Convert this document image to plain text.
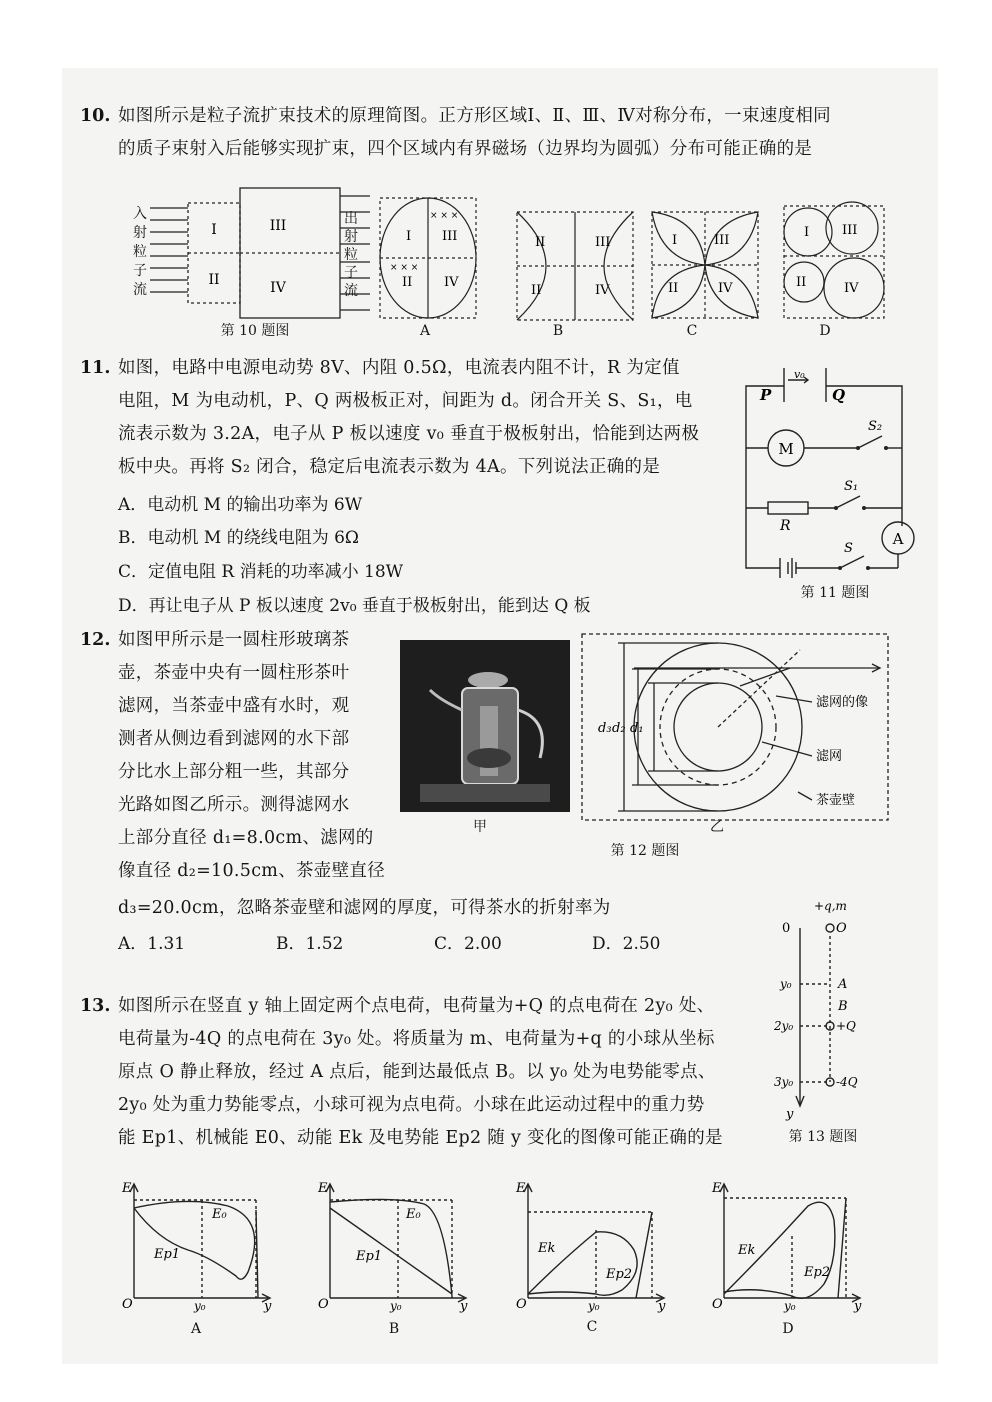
10. 如图所示是粒子流扩束技术的原理简图。正方形区域Ⅰ、Ⅱ、Ⅲ、Ⅳ对称分布，一束速度相同
的质子束射入后能够实现扩束，四个区域内有界磁场（边界均为圆弧）分布可能正确的是
I
II
III
IV
入
射
粒
子
流
出
射
粒
子
流
第 10 题图
I III
II IV
× × ×
× × ×
A
II	III
II	IV
B
I	III
II	IV
C
I	III
II	IV
D
11. 如图，电路中电源电动势 8V、内阻 0.5Ω，电流表内阻不计，R 为定值
电阻，M 为电动机，P、Q 两极板正对，间距为 d。闭合开关 S、S₁，电
流表示数为 3.2A，电子从 P 板以速度 v₀ 垂直于极板射出，恰能到达两极
板中央。再将 S₂ 闭合，稳定后电流表示数为 4A。下列说法正确的是
A．电动机 M 的输出功率为 6W
B．电动机 M 的绕线电阻为 6Ω
C．定值电阻 R 消耗的功率减小 18W
D．再让电子从 P 板以速度 2v₀ 垂直于极板射出，能到达 Q 板
P	Q
v₀
M
S₂
S₁
R
S
A
第 11 题图
12. 如图甲所示是一圆柱形玻璃茶
壶，茶壶中央有一圆柱形茶叶
滤网，当茶壶中盛有水时，观
测者从侧边看到滤网的水下部
分比水上部分粗一些，其部分
光路如图乙所示。测得滤网水
上部分直径 d₁=8.0cm、滤网的
像直径 d₂=10.5cm、茶壶壁直径
d₃=20.0cm，忽略茶壶壁和滤网的厚度，可得茶水的折射率为
A．1.31	B．1.52	C．2.00	D．2.50
甲
d₃ d₂ d₁
滤网的像
滤网
茶壶壁
乙
第 12 题图
13. 如图所示在竖直 y 轴上固定两个点电荷，电荷量为+Q 的点电荷在 2y₀ 处、
电荷量为-4Q 的点电荷在 3y₀ 处。将质量为 m、电荷量为+q 的小球从坐标
原点 O 静止释放，经过 A 点后，能到达最低点 B。以 y₀ 处为电势能零点、
2y₀ 处为重力势能零点，小球可视为点电荷。小球在此运动过程中的重力势
能 Ep1、机械能 E0、动能 Ek 及电势能 Ep2 随 y 变化的图像可能正确的是
+q,m
0	O
y₀	A
B
2y₀	+Q
3y₀	-4Q
y
第 13 题图
E
O	y₀	y
E₀
Ep1
A
E
O	y₀	y
E₀
Ep1
B
E
O	y₀	y
Ek
Ep2
C
E
O	y₀	y
Ek
Ep2
D
